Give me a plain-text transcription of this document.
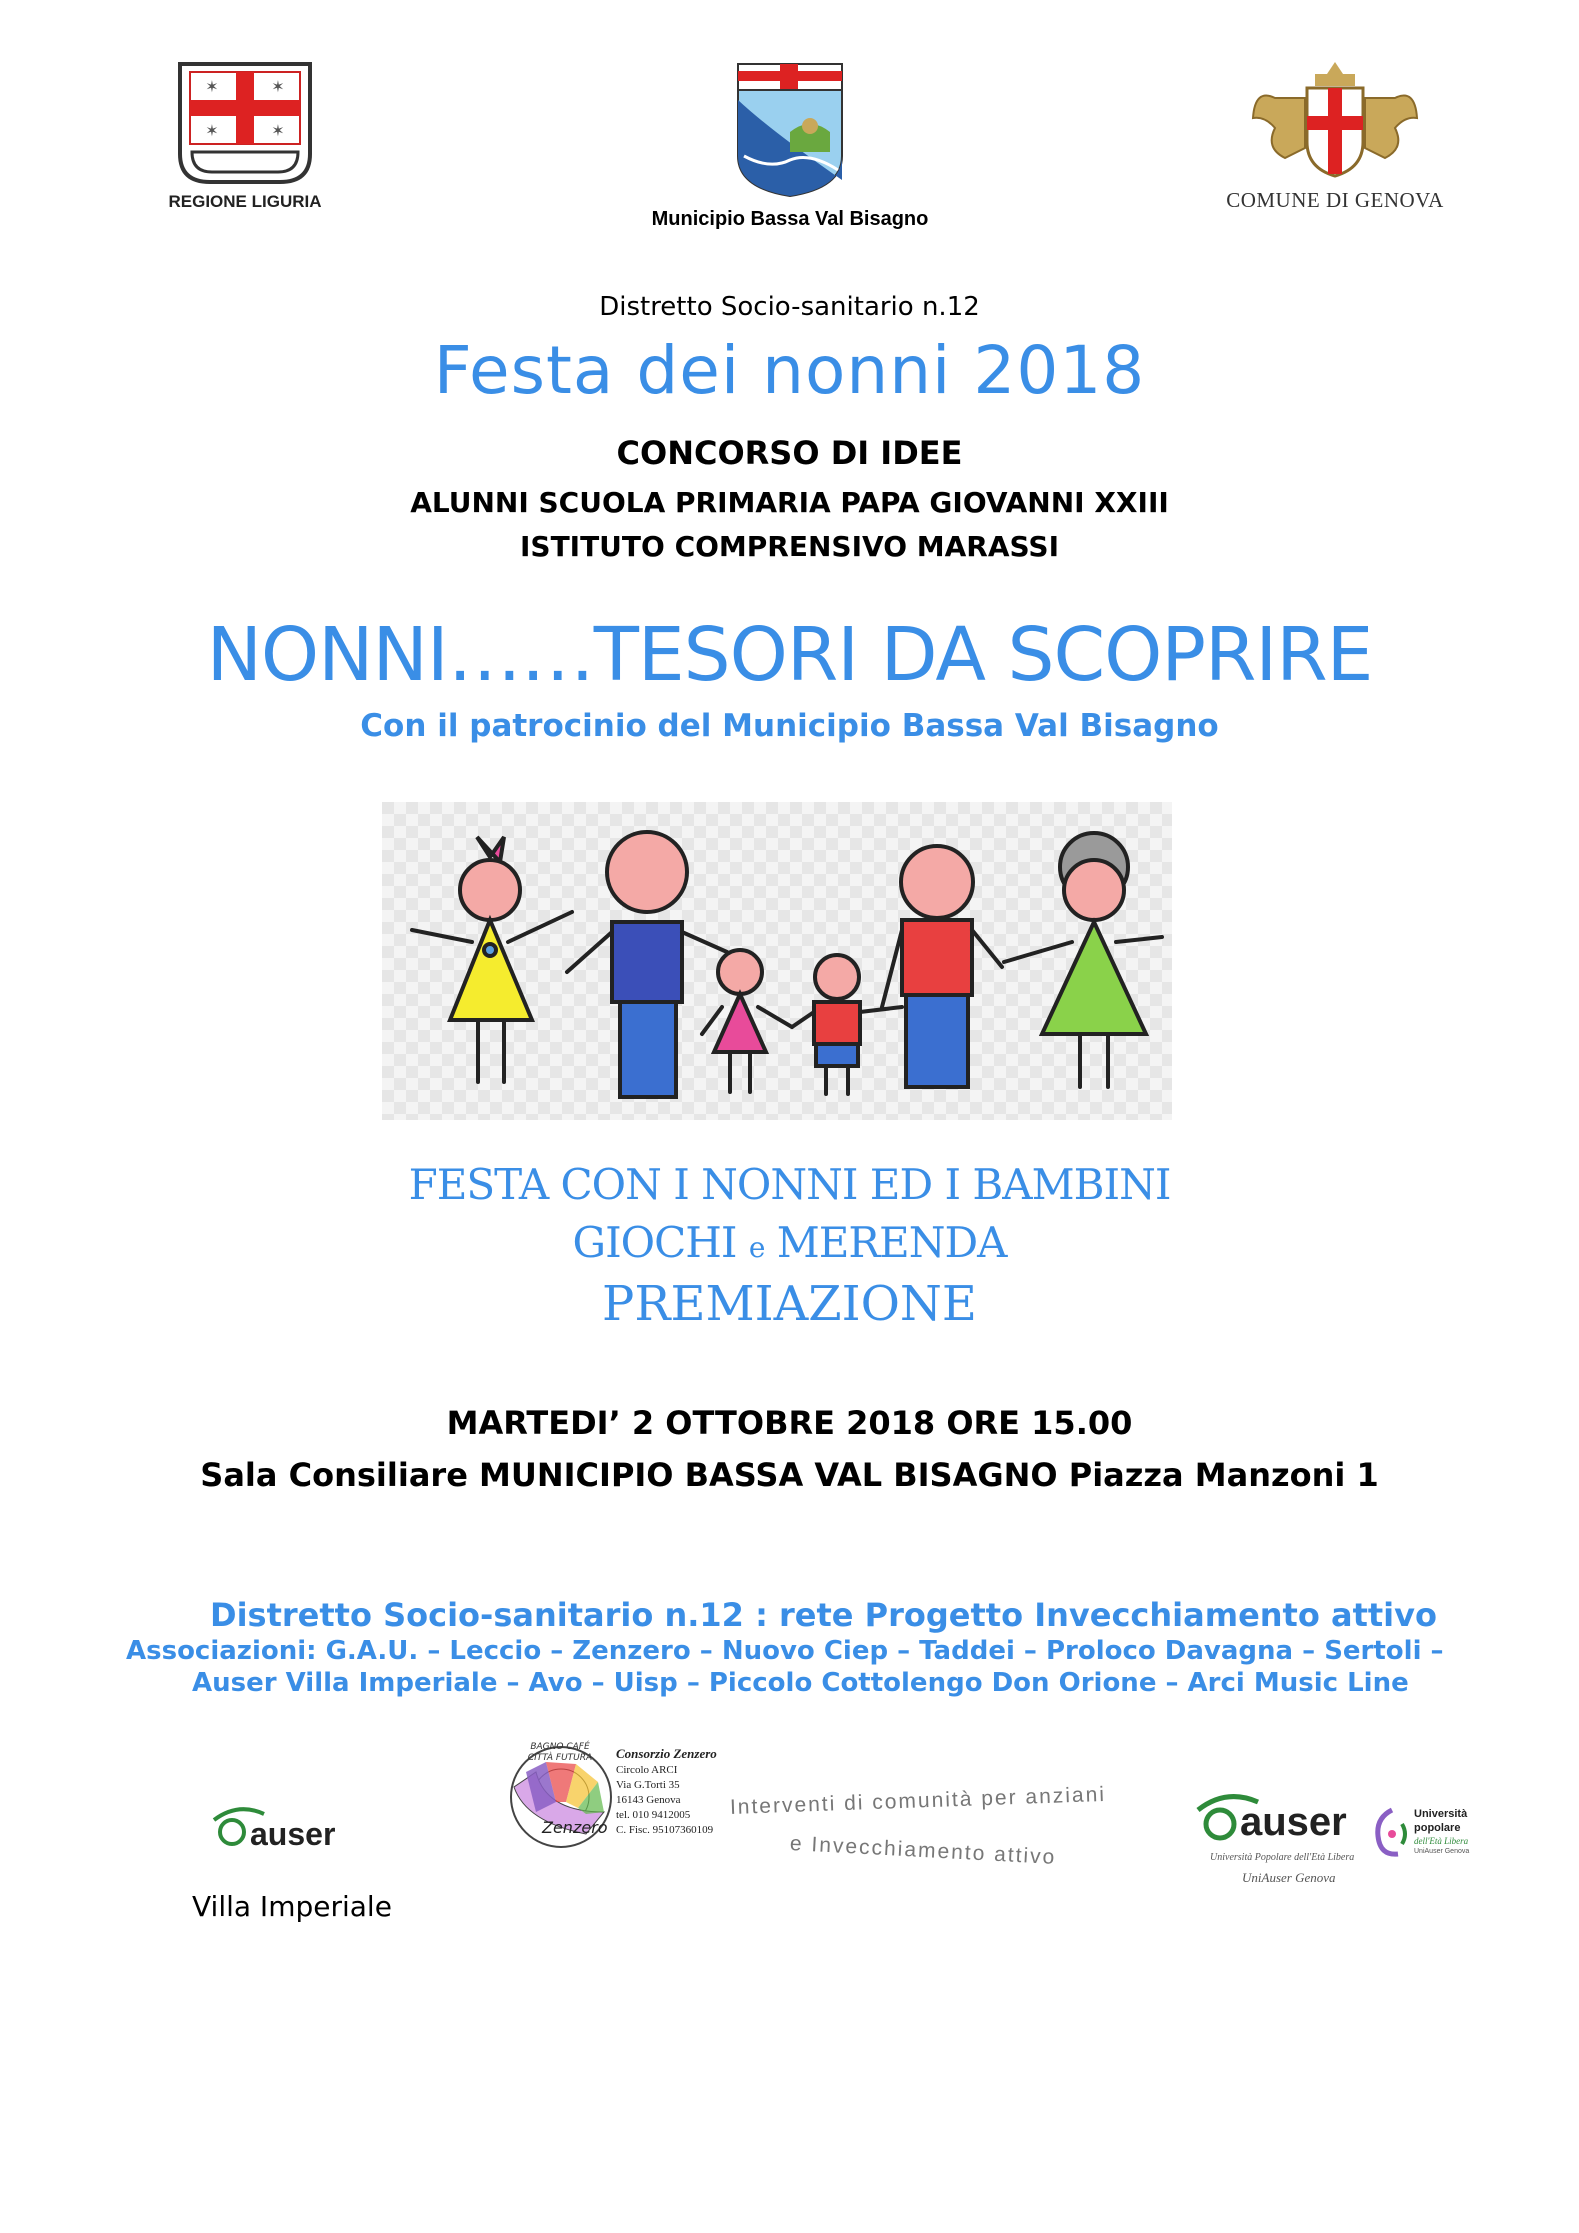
✶	✶
✶	✶
REGIONE LIGURIA
Municipio Bassa Val Bisagno
COMUNE DI GENOVA
Distretto Socio-sanitario n.12
Festa dei nonni 2018
CONCORSO DI IDEE
ALUNNI SCUOLA PRIMARIA PAPA GIOVANNI XXIII
ISTITUTO COMPRENSIVO MARASSI
NONNI……TESORI DA SCOPRIRE
Con il patrocinio del Municipio Bassa Val Bisagno
FESTA CON I NONNI ED I BAMBINI
GIOCHI e MERENDA
PREMIAZIONE
MARTEDI’ 2 OTTOBRE 2018 ORE 15.00
Sala Consiliare MUNICIPIO BASSA VAL BISAGNO Piazza Manzoni 1
Distretto Socio-sanitario n.12 : rete Progetto Invecchiamento attivo
Associazioni: G.A.U. – Leccio – Zenzero – Nuovo Ciep – Taddei – Proloco Davagna – Sertoli –
Auser Villa Imperiale – Avo – Uisp – Piccolo Cottolengo Don Orione – Arci Music Line
auser
Villa Imperiale
BAGNO CAFÉ CITTÀ FUTURA
Zenzero
Consorzio Zenzero
Circolo ARCI
Via G.Torti 35
16143 Genova
tel. 010 9412005
C. Fisc. 95107360109
Interventi di comunità per anziani
e Invecchiamento attivo
auser
Università Popolare dell'Età Libera
UniAuser Genova
Università
popolare
dell'Età Libera
UniAuser Genova
